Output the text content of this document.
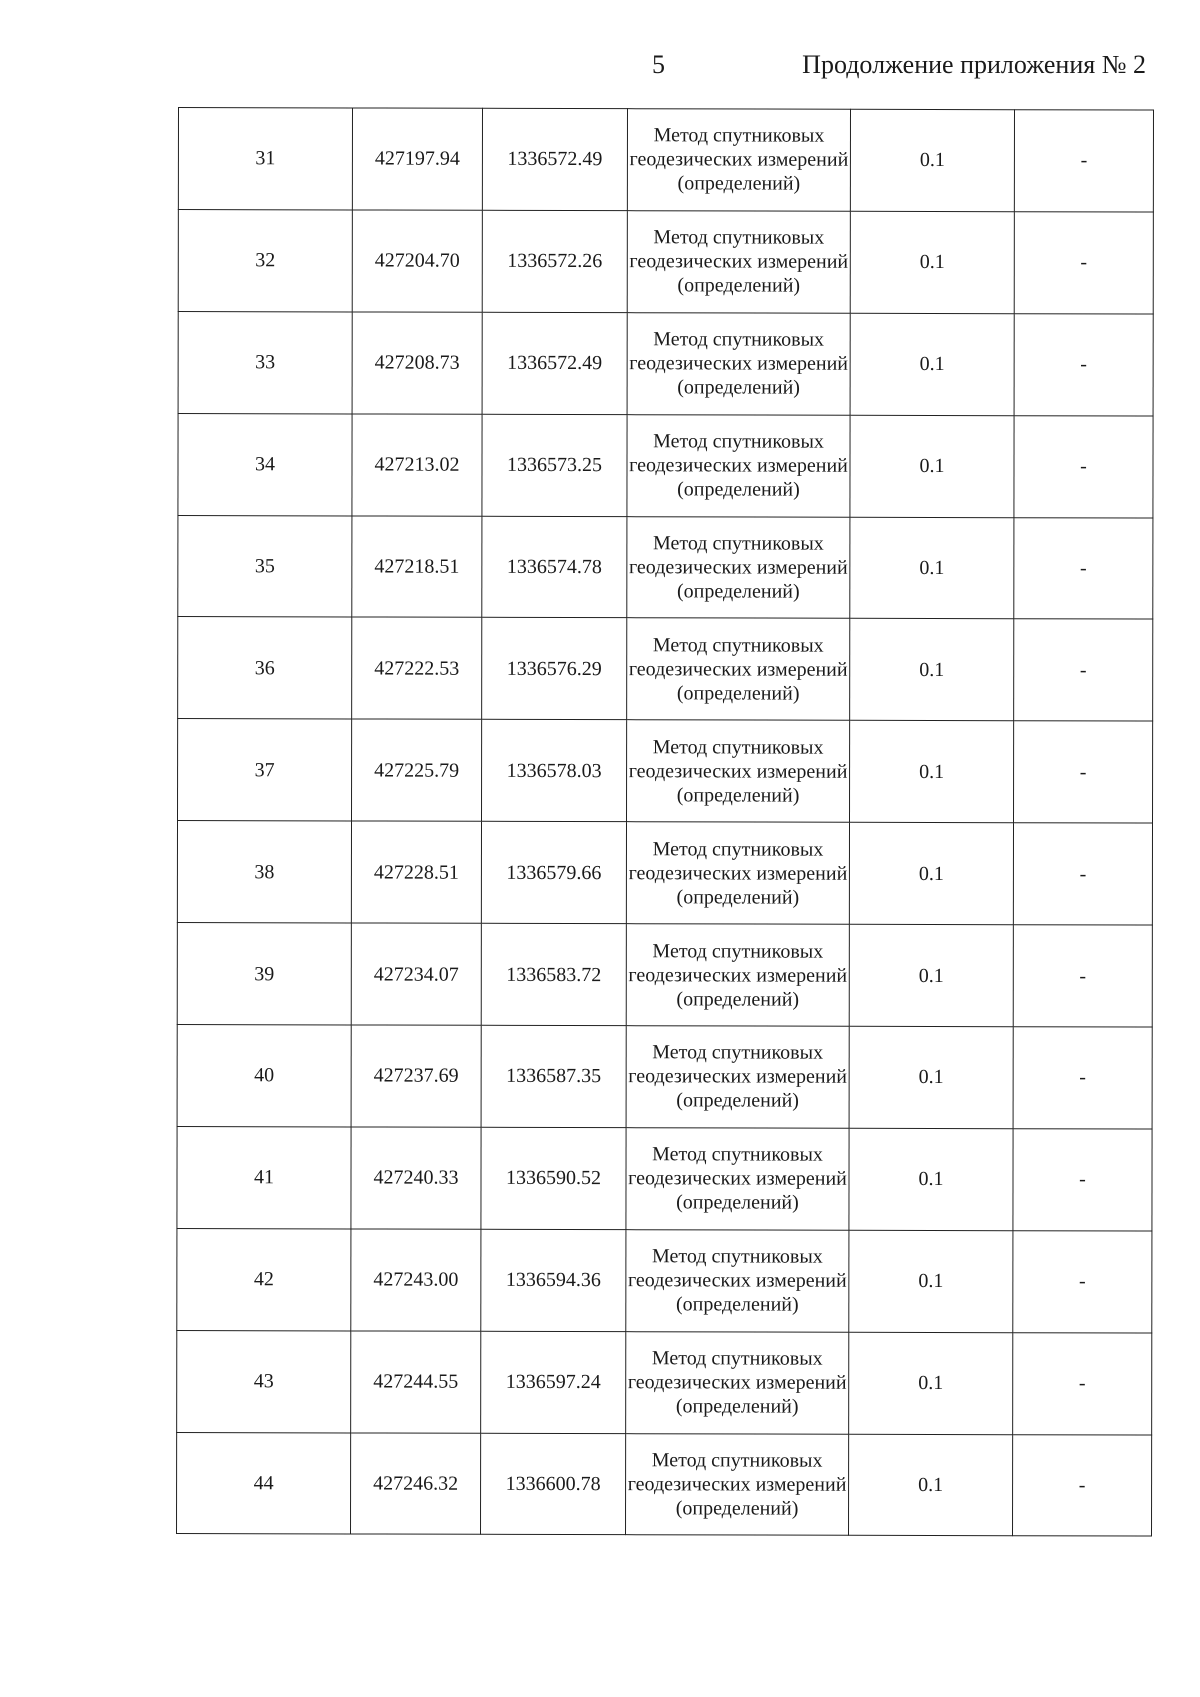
5	Продолжение приложения № 2
31	427197.94	1336572.49	Метод спутниковых геодезических измерений (определений)	0.1	-
32	427204.70	1336572.26	Метод спутниковых геодезических измерений (определений)	0.1	-
33	427208.73	1336572.49	Метод спутниковых геодезических измерений (определений)	0.1	-
34	427213.02	1336573.25	Метод спутниковых геодезических измерений (определений)	0.1	-
35	427218.51	1336574.78	Метод спутниковых геодезических измерений (определений)	0.1	-
36	427222.53	1336576.29	Метод спутниковых геодезических измерений (определений)	0.1	-
37	427225.79	1336578.03	Метод спутниковых геодезических измерений (определений)	0.1	-
38	427228.51	1336579.66	Метод спутниковых геодезических измерений (определений)	0.1	-
39	427234.07	1336583.72	Метод спутниковых геодезических измерений (определений)	0.1	-
40	427237.69	1336587.35	Метод спутниковых геодезических измерений (определений)	0.1	-
41	427240.33	1336590.52	Метод спутниковых геодезических измерений (определений)	0.1	-
42	427243.00	1336594.36	Метод спутниковых геодезических измерений (определений)	0.1	-
43	427244.55	1336597.24	Метод спутниковых геодезических измерений (определений)	0.1	-
44	427246.32	1336600.78	Метод спутниковых геодезических измерений (определений)	0.1	-
